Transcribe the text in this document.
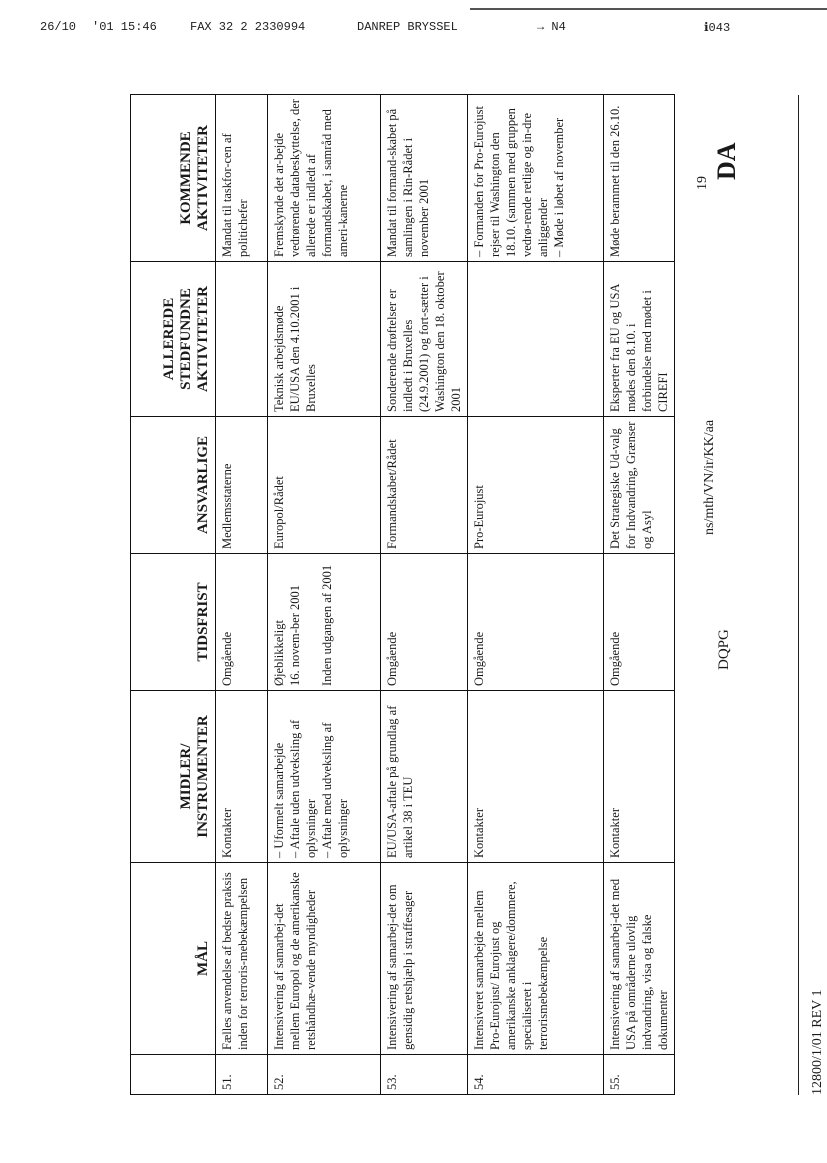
26/10 '01 15:46	FAX 32 2 2330994	DANREP BRYSSEL	→ N4	ℹ043
	MÅL	MIDLER/
INSTRUMENTER	TIDSFRIST	ANSVARLIGE	ALLEREDE
STEDFUNDNE
AKTIVITETER	KOMMENDE
AKTIVITETER
51.	Fælles anvendelse af bedste praksis inden for terroris-mebekæmpelsen	Kontakter	Omgående	Medlemsstaterne		Mandat til taskfor-cen af politichefer
52.	Intensivering af samarbej-det mellem Europol og de amerikanske retshåndhæ-vende myndigheder	– Uformelt samarbejde
– Aftale uden udveksling af oplysninger
– Aftale med udveksling af oplysninger	Øjeblikkeligt
16. novem-ber 2001

Inden udgangen af 2001	Europol/Rådet	Teknisk arbejdsmøde EU/USA den 4.10.2001 i Bruxelles	Fremskynde det ar-bejde vedrørende databeskyttelse, der allerede er indledt af formandskabet, i samråd med ameri-kanerne
53.	Intensivering af samarbej-det om gensidig retshjælp i straffesager	EU/USA-aftale på grundlag af artikel 38 i TEU	Omgående	Formandskabet/Rådet	Sonderende drøftelser er indledt i Bruxelles (24.9.2001) og fort-sætter i Washington den 18. oktober 2001	Mandat til formand-skabet på samlingen i Rin-Rådet i november 2001
54.	Intensiveret samarbejde mellem Pro-Eurojust/ Eurojust og amerikanske anklagere/dommere, specialiseret i terrorismebekæmpelse	Kontakter	Omgående	Pro-Eurojust		– Formanden for Pro-Eurojust rejser til Washington den 18.10. (sammen med gruppen vedrø-rende retlige og in-dre anliggender
– Møde i løbet af november
55.	Intensivering af samarbej-det med USA på områderne ulovlig indvandring, visa og falske dokumenter	Kontakter	Omgående	Det Strategiske Ud-valg for Indvandring, Grænser og Asyl	Eksperter fra EU og USA mødes den 8.10. i forbindelse med mødet i CIREFI	Møde berammet til den 26.10.
12800/1/01 REV 1
DQPG
ns/mth/VN/ir/KK/aa
19
DA
